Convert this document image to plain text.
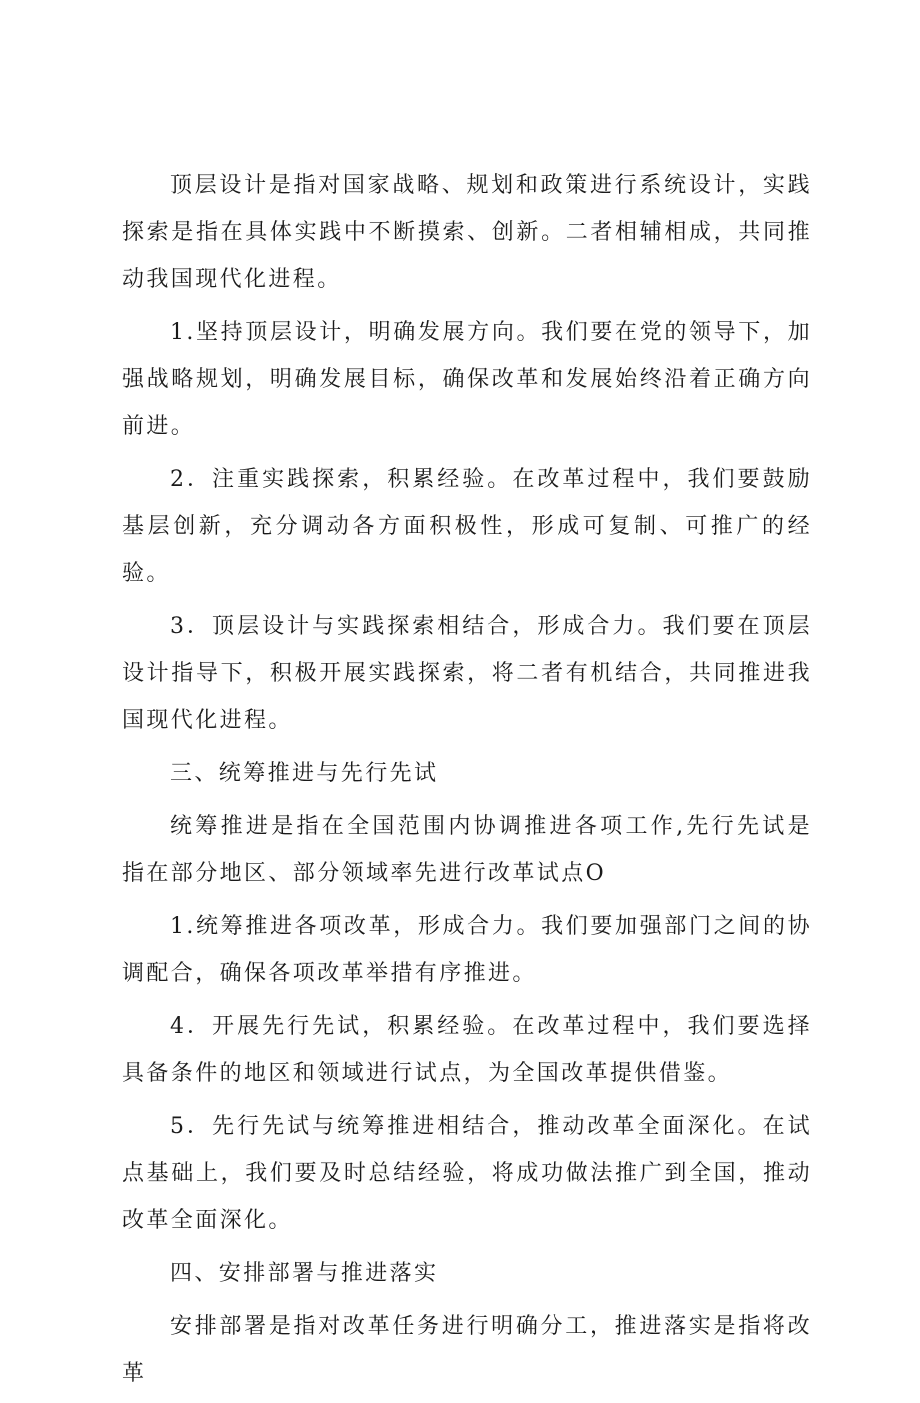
顶层设计是指对国家战略、规划和政策进行系统设计，实践探索是指在具体实践中不断摸索、创新。二者相辅相成，共同推动我国现代化进程。

1.坚持顶层设计，明确发展方向。我们要在党的领导下，加强战略规划，明确发展目标，确保改革和发展始终沿着正确方向前进。

2．注重实践探索，积累经验。在改革过程中，我们要鼓励基层创新，充分调动各方面积极性，形成可复制、可推广的经验。

3．顶层设计与实践探索相结合，形成合力。我们要在顶层设计指导下，积极开展实践探索，将二者有机结合，共同推进我国现代化进程。

三、统筹推进与先行先试

统筹推进是指在全国范围内协调推进各项工作,先行先试是指在部分地区、部分领域率先进行改革试点O

1.统筹推进各项改革，形成合力。我们要加强部门之间的协调配合，确保各项改革举措有序推进。

4．开展先行先试，积累经验。在改革过程中，我们要选择具备条件的地区和领域进行试点，为全国改革提供借鉴。

5．先行先试与统筹推进相结合，推动改革全面深化。在试点基础上，我们要及时总结经验，将成功做法推广到全国，推动改革全面深化。

四、安排部署与推进落实

安排部署是指对改革任务进行明确分工，推进落实是指将改革
